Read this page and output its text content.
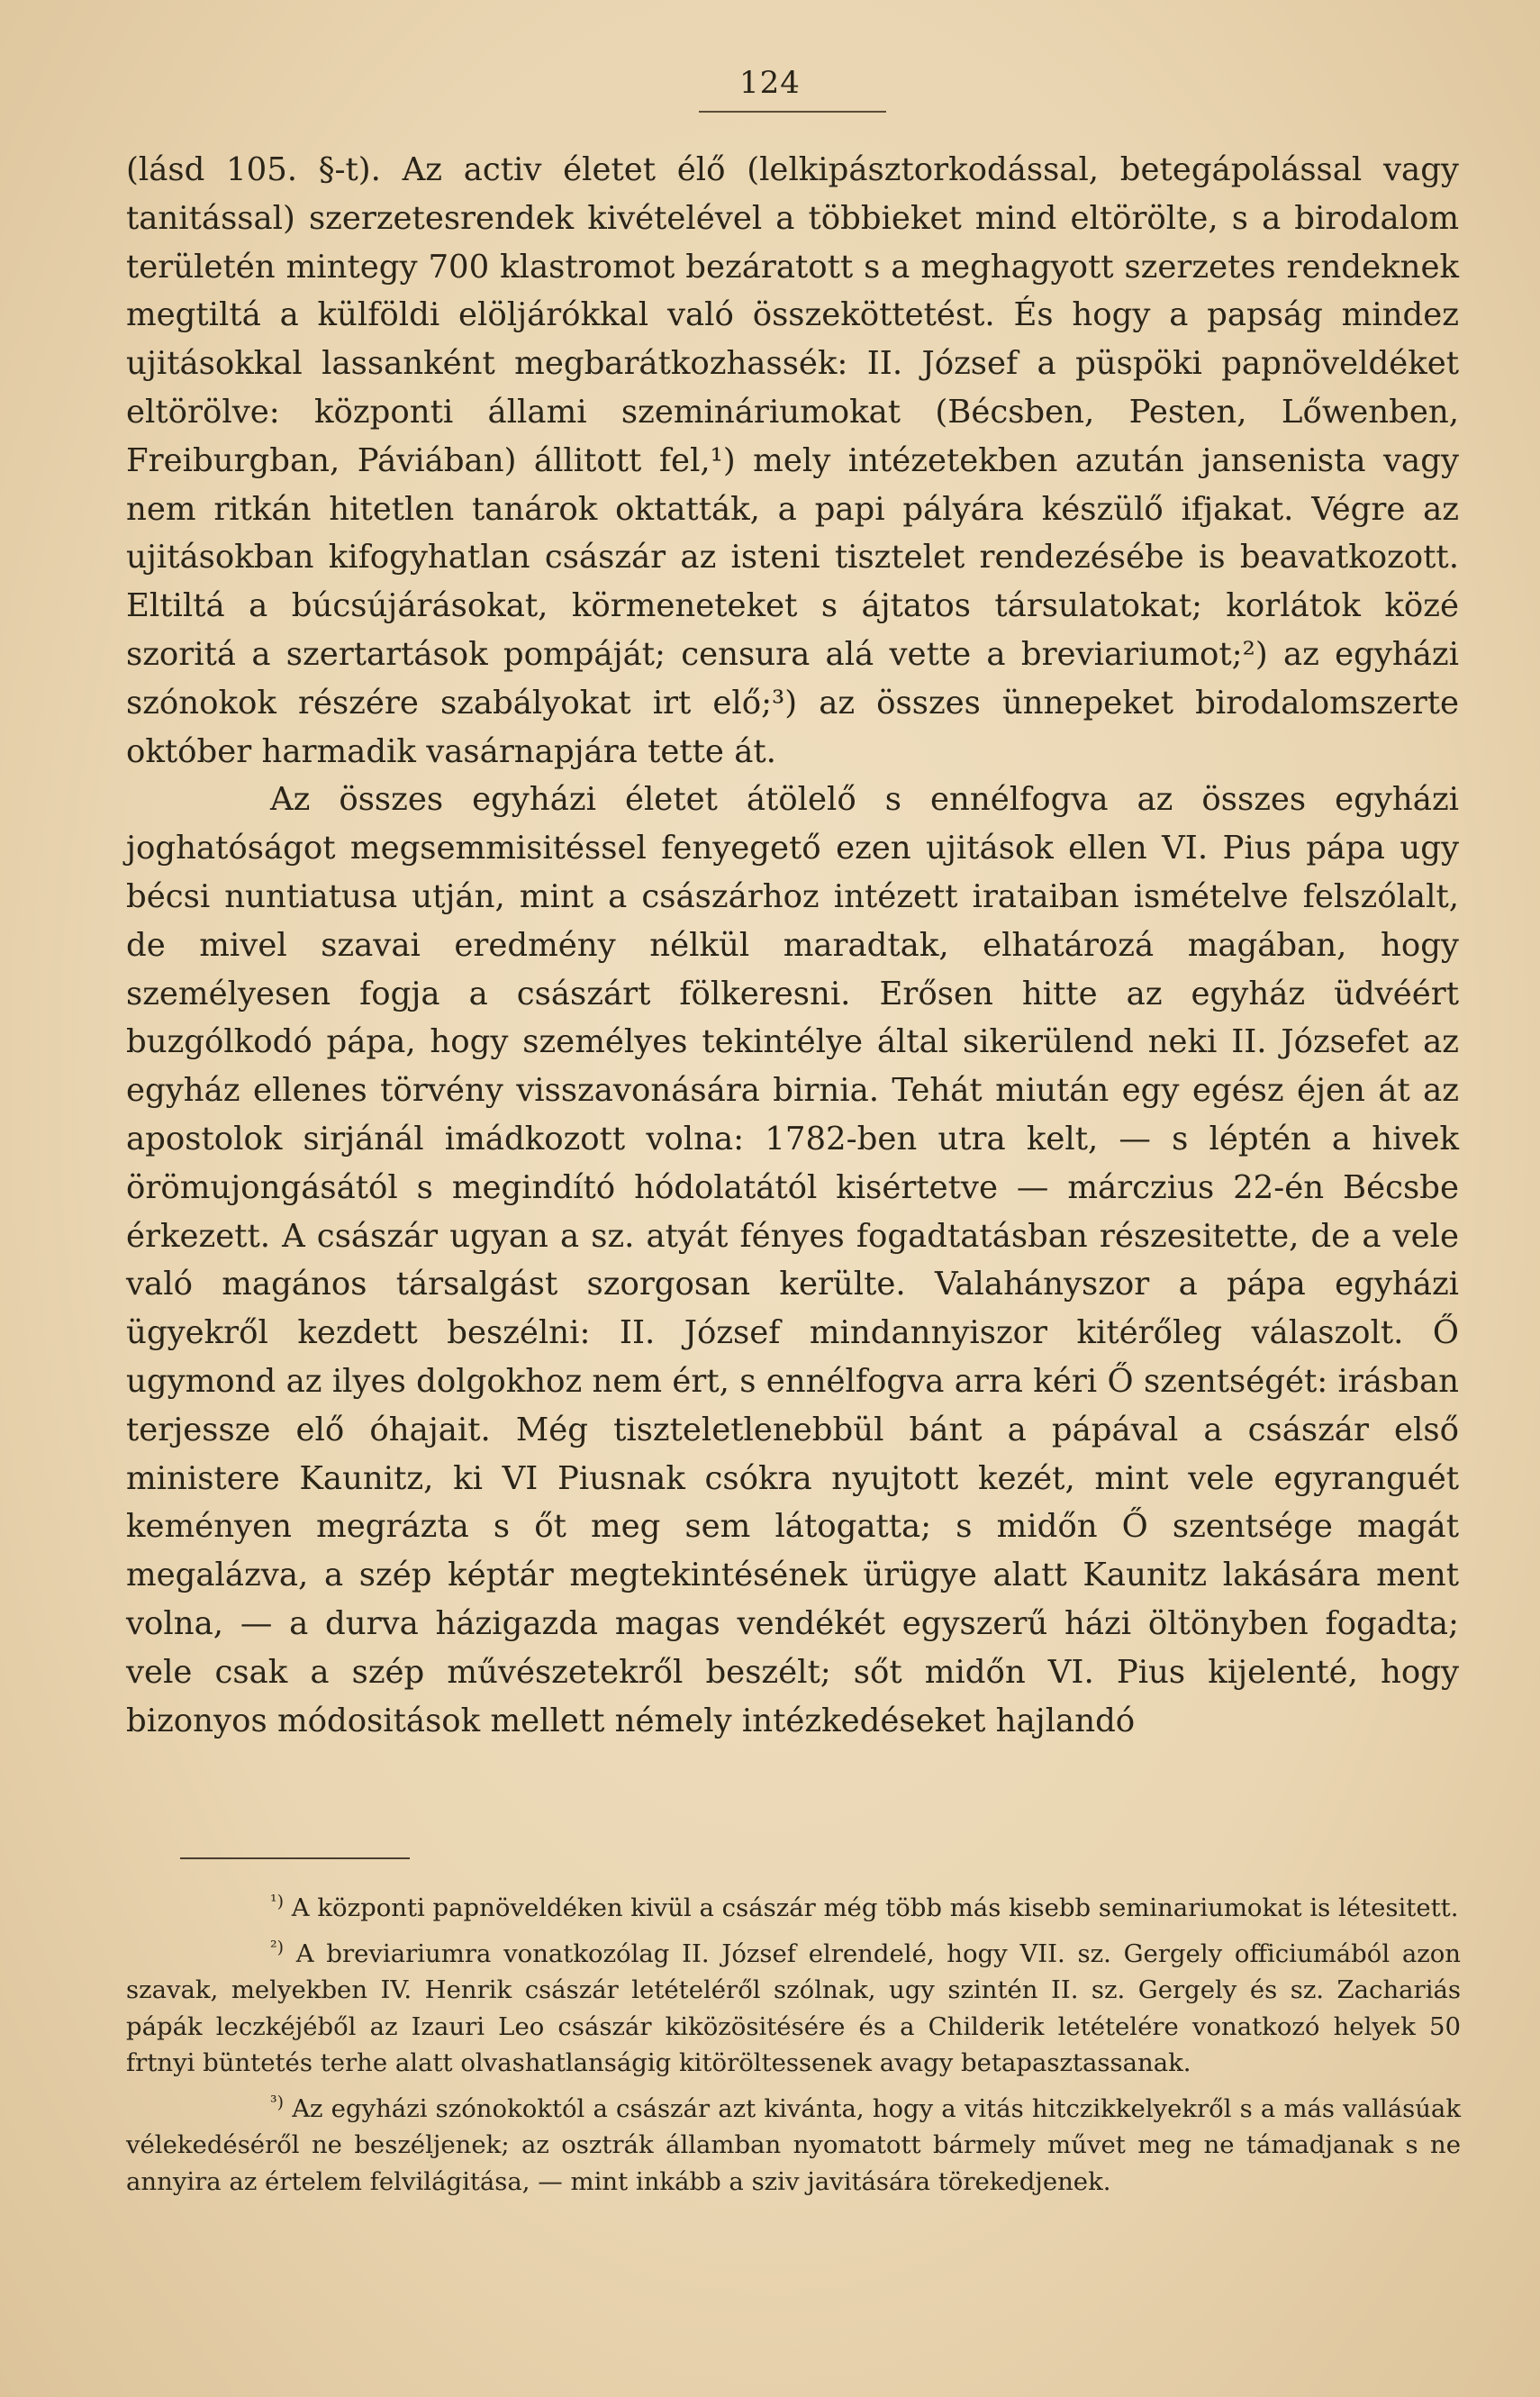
124

(lásd 105. §-t). Az activ életet élő (lelkipásztorkodással, betegápolással vagy tanitással) szerzetesrendek kivételével a többieket mind eltörölte, s a birodalom területén mintegy 700 klastromot bezáratott s a meghagyott szerzetes rendeknek megtiltá a külföldi elöljárókkal való összeköttetést. És hogy a papság mindez ujitásokkal lassanként megbarátkozhassék: II. József a püspöki papnöveldéket eltörölve: központi állami szemináriumokat (Bécsben, Pesten, Lőwenben, Freiburgban, Páviában) állitott fel,¹) mely intézetekben azután jansenista vagy nem ritkán hitetlen tanárok oktatták, a papi pályára készülő ifjakat. Végre az ujitásokban kifogyhatlan császár az isteni tisztelet rendezésébe is beavatkozott. Eltiltá a búcsújárásokat, körmeneteket s ájtatos társulatokat; korlátok közé szoritá a szertartások pompáját; censura alá vette a breviariumot;²) az egyházi szónokok részére szabályokat irt elő;³) az összes ünnepeket birodalomszerte október harmadik vasárnapjára tette át.

Az összes egyházi életet átölelő s ennélfogva az összes egyházi joghatóságot megsemmisitéssel fenyegető ezen ujitások ellen VI. Pius pápa ugy bécsi nuntiatusa utján, mint a császárhoz intézett irataiban ismételve felszólalt, de mivel szavai eredmény nélkül maradtak, elhatározá magában, hogy személyesen fogja a császárt fölkeresni. Erősen hitte az egyház üdvéért buzgólkodó pápa, hogy személyes tekintélye által sikerülend neki II. Józsefet az egyház ellenes törvény visszavonására birnia. Tehát miután egy egész éjen át az apostolok sirjánál imádkozott volna: 1782-ben utra kelt, — s léptén a hivek örömujongásától s megindító hódolatától kisértetve — márczius 22-én Bécsbe érkezett. A császár ugyan a sz. atyát fényes fogadtatásban részesitette, de a vele való magános társalgást szorgosan kerülte. Valahányszor a pápa egyházi ügyekről kezdett beszélni: II. József mindannyiszor kitérőleg válaszolt. Ő ugymond az ilyes dolgokhoz nem ért, s ennélfogva arra kéri Ő szentségét: irásban terjessze elő óhajait. Még tiszteletlenebbül bánt a pápával a császár első ministere Kaunitz, ki VI Piusnak csókra nyujtott kezét, mint vele egyranguét keményen megrázta s őt meg sem látogatta; s midőn Ő szentsége magát megalázva, a szép képtár megtekintésének ürügye alatt Kaunitz lakására ment volna, — a durva házigazda magas vendékét egyszerű házi öltönyben fogadta; vele csak a szép művészetekről beszélt; sőt midőn VI. Pius kijelenté, hogy bizonyos módositások mellett némely intézkedéseket hajlandó

$^{^1)}$ A központi papnöveldéken kivül a császár még több más kisebb seminariumokat is létesitett.

$^{^2)}$ A breviariumra vonatkozólag II. József elrendelé, hogy VII. sz. Gergely officiumából azon szavak, melyekben IV. Henrik császár letételéről szólnak, ugy szintén II. sz. Gergely és sz. Zachariás pápák leczkéjéből az Izauri Leo császár kiközösitésére és a Childerik letételére vonatkozó helyek 50 frtnyi büntetés terhe alatt olvashatlanságig kitöröltessenek avagy betapasztassanak.

$^{^3)}$ Az egyházi szónokoktól a császár azt kivánta, hogy a vitás hitczikkelyekről s a más vallásúak vélekedéséről ne beszéljenek; az osztrák államban nyomatott bármely művet meg ne támadjanak s ne annyira az értelem felvilágitása, — mint inkább a sziv javitására törekedjenek.
